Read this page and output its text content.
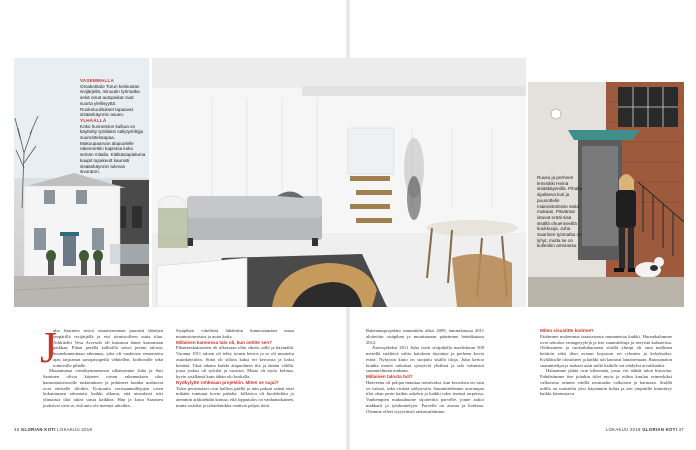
VASEMMALLA
Omakotitalo Turun keskustan sivijärjellä, minuutin työmatka sekä omat autopaikat ovat suurta ylellisyyttä. Ruokotuulitukset tapaavat sisäänkäynnin asuen.
YLHÄÄLLÄ
Koko huoneiston kulkua on käyttetty työtilaksi säilytyshlöjja suunnittelutapaa. Makuupaarvan alapuolelle rakennettiin kapistoa koko seinän mitalla. Kittikäsiaptaluma kaapit tupakeutt kaunisti sisäänkäynnin tulevan sivuraton.
Ruusu ja perheen lemmikki Heinä sisääkäynnillä. Pihalla sijaitseva kuti ja puunottelin mainostoimisto Saku mukaan, Päivänsä istuvat erääl sisä sisällä ohuennevillä koukkuuja. Juha Saarinen työmatka on lyhyt, mutta se on kullenkin ammassa.
J
uha Saarinen seisoi rautatieaseman puunisti lähtöjen ympärillä sivijärjellä ja etsi toimistolleen uutta tilaa. Arkkitehti Vesa Arvesalo oli kutsunut hänet katsomaan paikkaa. Pihan perällä kallioilla seisoi pienin talosta, huonekunnottaan rakennus, joka oli vanhoista remontoitu ajan tarjoamat sanojaisupeilit vähitellen, koiltuvalle sekä toimivalle pihalle.
Muutamassa viestikymmenessä ulkaisemme Juha ja Sari Saarinen olivat käyneet toisen rakennuksen ulos kantouttatietoisille tutkimuksen ja pohtineet kuinka mahtuvat ovat entiselle tiloihin. Korjuutta verstaanmallejajen osien kukuttuunen rakentaisi kaikki alkuun, että ainoalassi toki ylimaissa tilat tukea uusia kaikkea. Hän ja koira Saarinen juoksivat vain se, että auto ole mennyt aitteihin.
Sisäpihan viiteltistä lähdettiin kunnostamaan omaa mainostoimistoa ja uutta kotia.
Millainen kannossa talo oli, kun ostitte sen?
Pihankeskuksineen oli ulkoisaan ollut sikala, tallit ja käymäliä. Vuonna 1911 taloon oli tehty toinen kerros ja se oli muutettu asuinkäyttöön. Siinä oli silloin kaksi eri kerroista ja kaksi kenttää. Tänä aikana kaikki alapuolinen tila ja tämän välillä, jossa joskus oli työtilat ja varastot. Mutta oli myös kolmas, hyvin sisällänsä kuin tähän olo koskalla.
Rydkylytte rohkeaan projektiin. Miten se sujui?
Talon perustukset ovat kallion päällä ja niin paksut seinät ettei mikään tuntunut kovin pahalta. Julkisivu oli huolehdittu jo aiemmin arkkitehdin kanssa, että lopputulos on vanhanaikainen, mutta sisätilat ja talotekniikka vaativat paljon töitä.
Rakennusprojektin suunnittelu alkoi 2009, tammikuussa 2011 aloitettiin sisäpihan ja muuttamaan pääsimme heinäkuussa 2012.
Ästerojakeksi 2011 Juha vietti sisäpihalla maaliskuun 500 metrillä sisältävä valtio katoksen täyttänyt ja perheen kovia esinä. Nykyisin katto on suojattu sisällä tiloja. Juha kertoo kuinka monet ratkaisut syntyivät yhdessä ja talo valmistui suunnitelmien mukaan.
Millainen talosta tuli?
Haaveena oli pohjaa muuttaa toimivaksi, kun kerroksia on vain yö valoisi, sekä virittää säilytystila. Suunnittelemme avarampia tilat ohan perin kaikin askelen ja kaikki tulee itsensä tarpeissa. Vanhempien makuuhuone sijoitettiin parvelle, jonne auttoi makkarit ja työskentelyyn. Parvella on avaraa ja korkeaa. Olemme olleet tyytyväisiä ratkaisuihimme.
Miten sisustitte kotinne?
Päätimme molemmat tasaisaisesta muunnettaa kaikki. Huonekalumme ovat sekoitus vintagetyylejä ja itse suunniteltuja ja tietyistä kalusteista. Olohuoneen ja ruokailuhuoneen sisällä ylimpi oli oma mallinen keittiön sekä tilan avaran kirjaston eri ryhmiin ja kehykseksi. Kyläläisille olosuhteet ja kaikki tuli kantasti lainaisemaan. Ruusumaton suunnittelijat ja makeat asiat mille kaikille sai tehdyksi arvokkaaksi.
Haluamme jättää osin tiiliseinää, jossa voi nähdä talon historiaa. Puhdistimme itse joitakin tiilet myös ja niihin kuuluu esimerkiksi valkoisina seinien värillä neutraalin valkoisen ja harmaan. Sisällä tulilla on maisteltu yksi käytännön kohta ja sen ympärille kiinnittyy kaikki kiinnostava.
46 GLORIAN KOTI LOKAKUU 2018	LOKAKUU 2018 GLORIAN KOTI 47
